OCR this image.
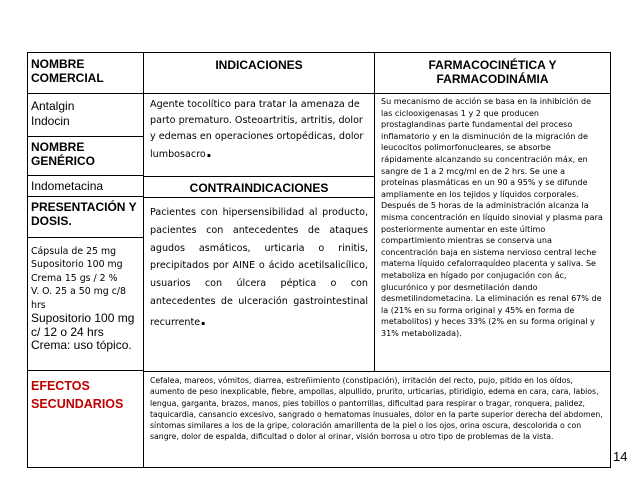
NOMBRE COMERCIAL
Antalgin
Indocin
NOMBRE GENÉRICO
Indometacina
PRESENTACIÓN Y DOSIS.
Cápsula de 25 mg
Supositorio 100 mg
Crema 15 gs / 2 %
V. O. 25 a 50 mg c/8
hrs
Supositorio 100 mg
c/ 12 o 24 hrs
Crema: uso tópico.
EFECTOS SECUNDARIOS
INDICACIONES
Agente tocolítico para tratar la amenaza de parto prematuro. Osteoartritis, artritis, dolor y edemas en operaciones ortopédicas, dolor lumbosacro.
CONTRAINDICACIONES
Pacientes con hipersensibilidad al producto, pacientes con antecedentes de ataques agudos asmáticos, urticaria o rinitis, precipitados por AINE o ácido acetilsalicílico, usuarios con úlcera péptica o con antecedentes de ulceración gastrointestinal recurrente.
FARMACOCINÉTICA Y
FARMACODINÁMIA
Su mecanismo de acción se basa en la inhibición de las ciclooxigenasas 1 y 2 que producen prostaglandinas parte fundamental del proceso inflamatorio y en la disminución de la migración de leucocitos polimorfonucleares, se absorbe rápidamente alcanzando su concentración máx, en sangre de 1 a 2 mcg/ml en de 2 hrs. Se une a proteínas plasmáticas en un 90 a 95% y se difunde ampliamente en los tejidos y líquidos corporales. Después de 5 horas de la administración alcanza la misma concentración en líquido sinovial y plasma para posteriormente aumentar en este último compartimiento mientras se conserva una concentración baja en sistema nervioso central leche materna líquido cefalorraquídeo placenta y saliva. Se metaboliza en hígado por conjugación con ác, glucurónico y por desmetilación dando desmetilindometacina. La eliminación es renal 67% de la (21% en su forma original y 45% en forma de metabolitos) y heces 33% (2% en su forma original y 31% metabolizada).
Cefalea, mareos, vómitos, diarrea, estreñimiento (constipación), irritación del recto, pujo, pitido en los oídos, aumento de peso inexplicable, fiebre, ampollas, alpullido, prurito, urticarias, ptiridigio, edema en cara, cara, labios, lengua, garganta, brazos, manos, pies tobillos o pantorrillas, dificultad para respirar o tragar, ronquera, palidez, taquicardia, cansancio excesivo, sangrado o hematomas inusuales, dolor en la parte superior derecha del abdomen, síntomas similares a los de la gripe, coloración amarillenta de la piel o los ojos, orina oscura, descolorida o con sangre, dolor de espalda, dificultad o dolor al orinar, visión borrosa u otro tipo de problemas de la vista.
14
